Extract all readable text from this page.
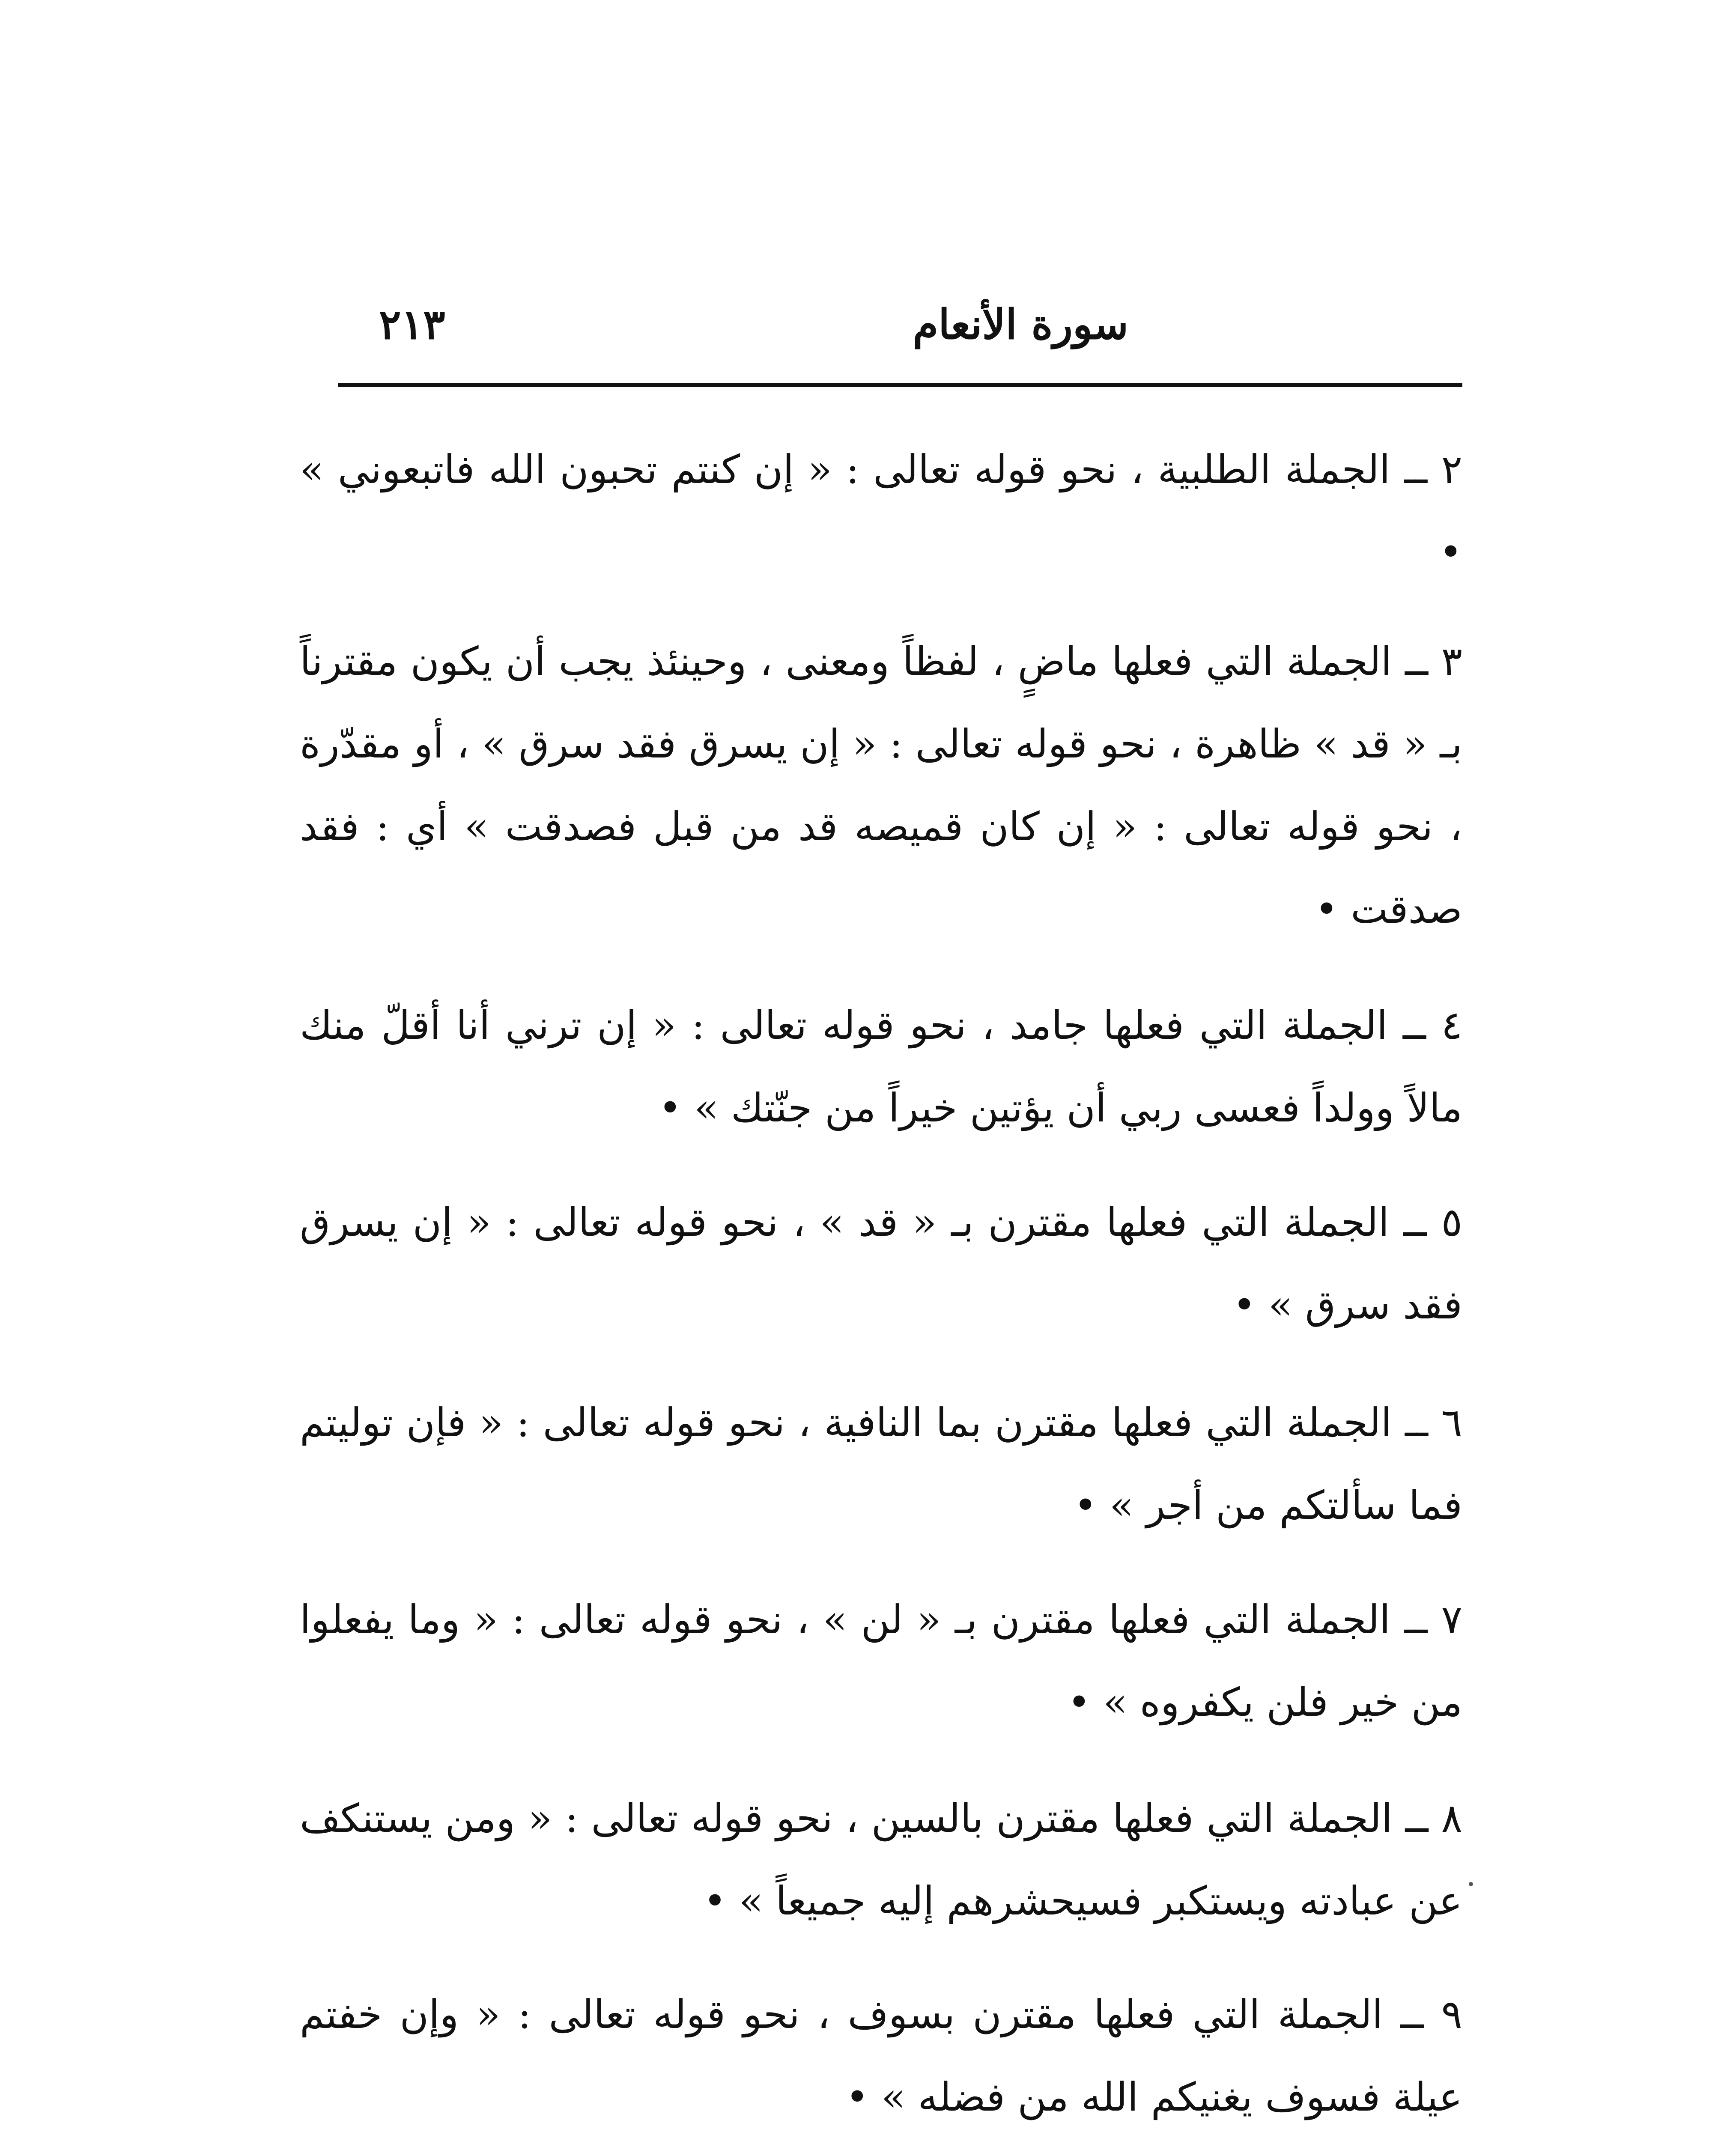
سورة الأنعام
٢١٣

٢ ــ الجملة الطلبية ، نحو قوله تعالى : « إن كنتم تحبون الله فاتبعوني » •

٣ ــ الجملة التي فعلها ماضٍ ، لفظاً ومعنى ، وحينئذ يجب أن يكون مقترناً بـ « قد » ظاهرة ، نحو قوله تعالى : « إن يسرق فقد سرق » ، أو مقدّرة ، نحو قوله تعالى : « إن كان قميصه قد من قبل فصدقت » أي : فقد صدقت •

٤ ــ الجملة التي فعلها جامد ، نحو قوله تعالى : « إن ترني أنا أقلّ منك مالاً وولداً فعسى ربي أن يؤتين خيراً من جنّتك » •

٥ ــ الجملة التي فعلها مقترن بـ « قد » ، نحو قوله تعالى : « إن يسرق فقد سرق » •

٦ ــ الجملة التي فعلها مقترن بما النافية ، نحو قوله تعالى : « فإن توليتم فما سألتكم من أجر » •

٧ ــ الجملة التي فعلها مقترن بـ « لن » ، نحو قوله تعالى : « وما يفعلوا من خير فلن يكفروه » •

٨ ــ الجملة التي فعلها مقترن بالسين ، نحو قوله تعالى : « ومن يستنكف عن عبادته ويستكبر فسيحشرهم إليه جميعاً » •

٩ ــ الجملة التي فعلها مقترن بسوف ، نحو قوله تعالى : « وإن خفتم عيلة فسوف يغنيكم الله من فضله » •
